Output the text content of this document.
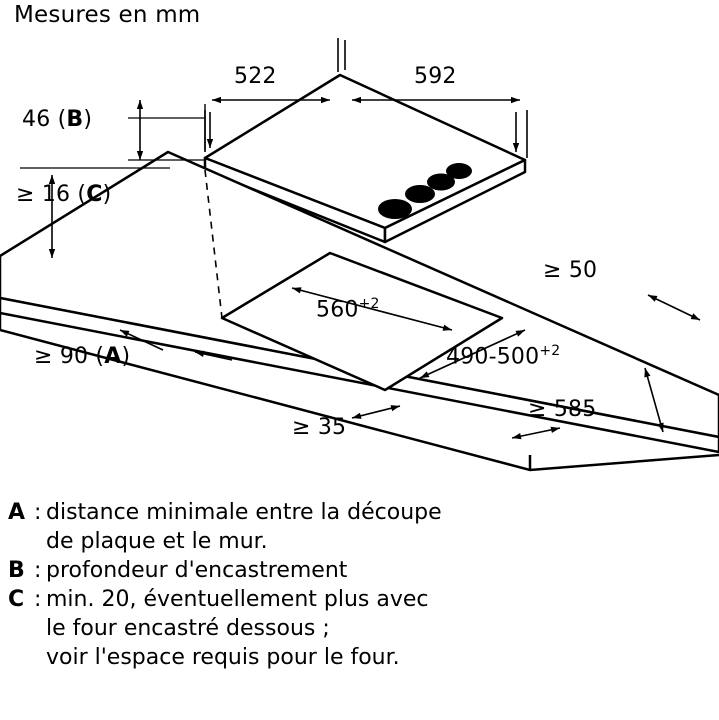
Mesures en mm
522	592
46 (B)
≥ 16 (C)
$560^{+2}$
$490-500^{+2}$
≥ 50
≥ 90 (A)
≥ 35
≥ 585
A : distance minimale entre la découpe
de plaque et le mur.
B : profondeur d'encastrement
C : min. 20, éventuellement plus avec
le four encastré dessous ;
voir l'espace requis pour le four.
